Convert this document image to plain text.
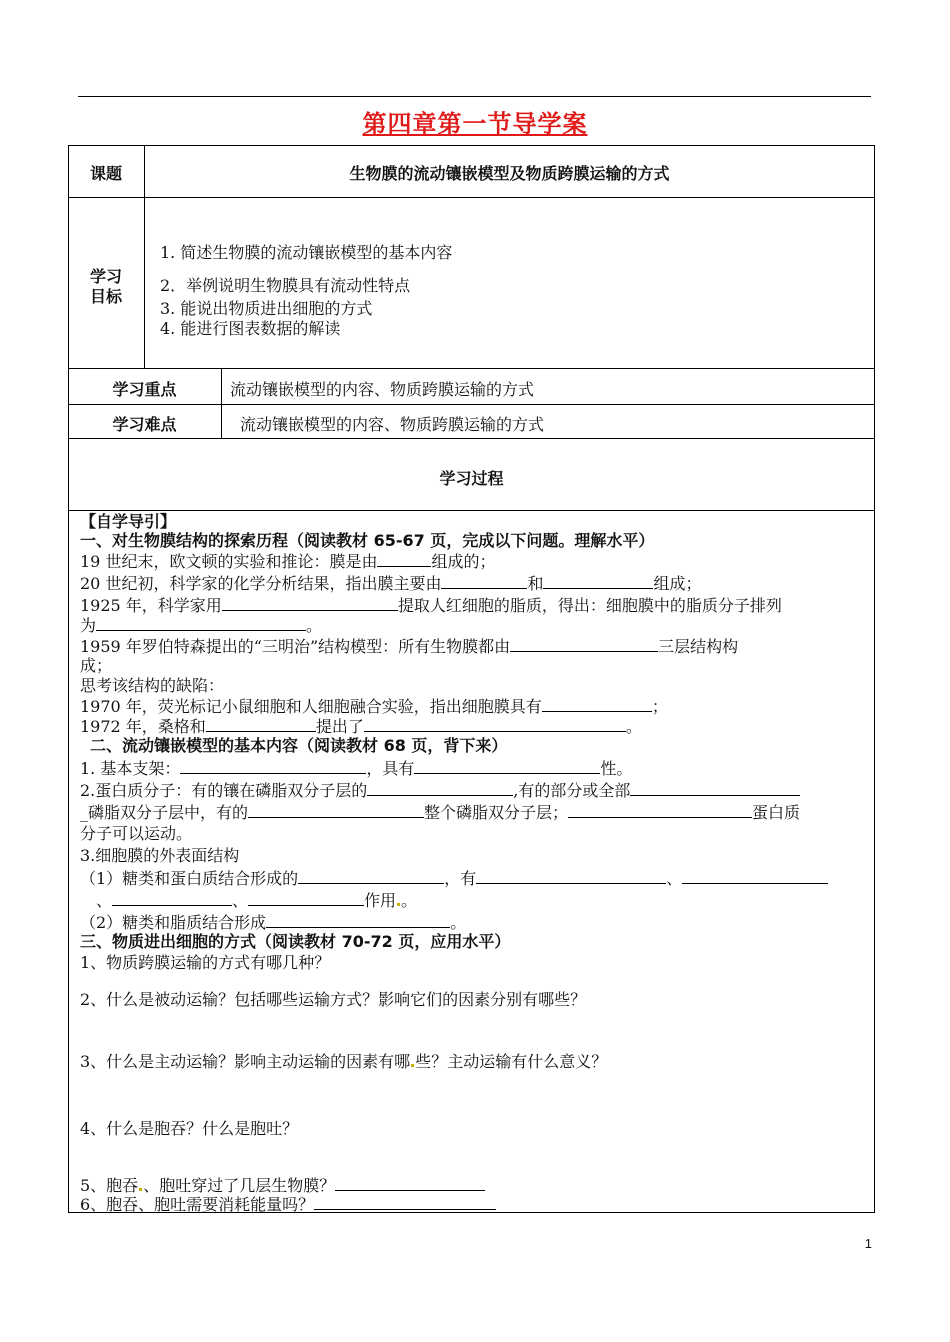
第四章第一节导学案
课题	生物膜的流动镶嵌模型及物质跨膜运输的方式
学习
目标
1. 简述生物膜的流动镶嵌模型的基本内容
2．举例说明生物膜具有流动性特点
3. 能说出物质进出细胞的方式
4. 能进行图表数据的解读
学习重点	流动镶嵌模型的内容、物质跨膜运输的方式
学习难点	流动镶嵌模型的内容、物质跨膜运输的方式
学习过程
【自学导引】
一、对生物膜结构的探索历程（阅读教材 65-67 页，完成以下问题。理解水平）
19 世纪末，欧文顿的实验和推论：膜是由	组成的；
20 世纪初，科学家的化学分析结果，指出膜主要由	和	组成；
1925 年，科学家用	提取人红细胞的脂质，得出：细胞膜中的脂质分子排列
为	。
1959 年罗伯特森提出的“三明治”结构模型：所有生物膜都由	三层结构构
成；
思考该结构的缺陷：
1970 年，荧光标记小鼠细胞和人细胞融合实验，指出细胞膜具有	；
1972 年，桑格和	提出了	。
二、流动镶嵌模型的基本内容（阅读教材 68 页，背下来）
1. 基本支架：	，具有	性。
2.蛋白质分子：有的镶在磷脂双分子层的	,有的部分或全部
_磷脂双分子层中，有的	整个磷脂双分子层；	蛋白质
分子可以运动。
3.细胞膜的外表面结构
（1）糖类和蛋白质结合形成的	，有	、
、	、	作用 。
（2）糖类和脂质结合形成	。
三、物质进出细胞的方式（阅读教材 70-72 页，应用水平）
1、物质跨膜运输的方式有哪几种？
2、什么是被动运输？包括哪些运输方式？影响它们的因素分别有哪些？
3、什么是主动运输？影响主动运输的因素有哪 些？主动运输有什么意义？
4、什么是胞吞？什么是胞吐？
5、胞吞 、胞吐穿过了几层生物膜？
6、胞吞、胞吐需要消耗能量吗？
1
